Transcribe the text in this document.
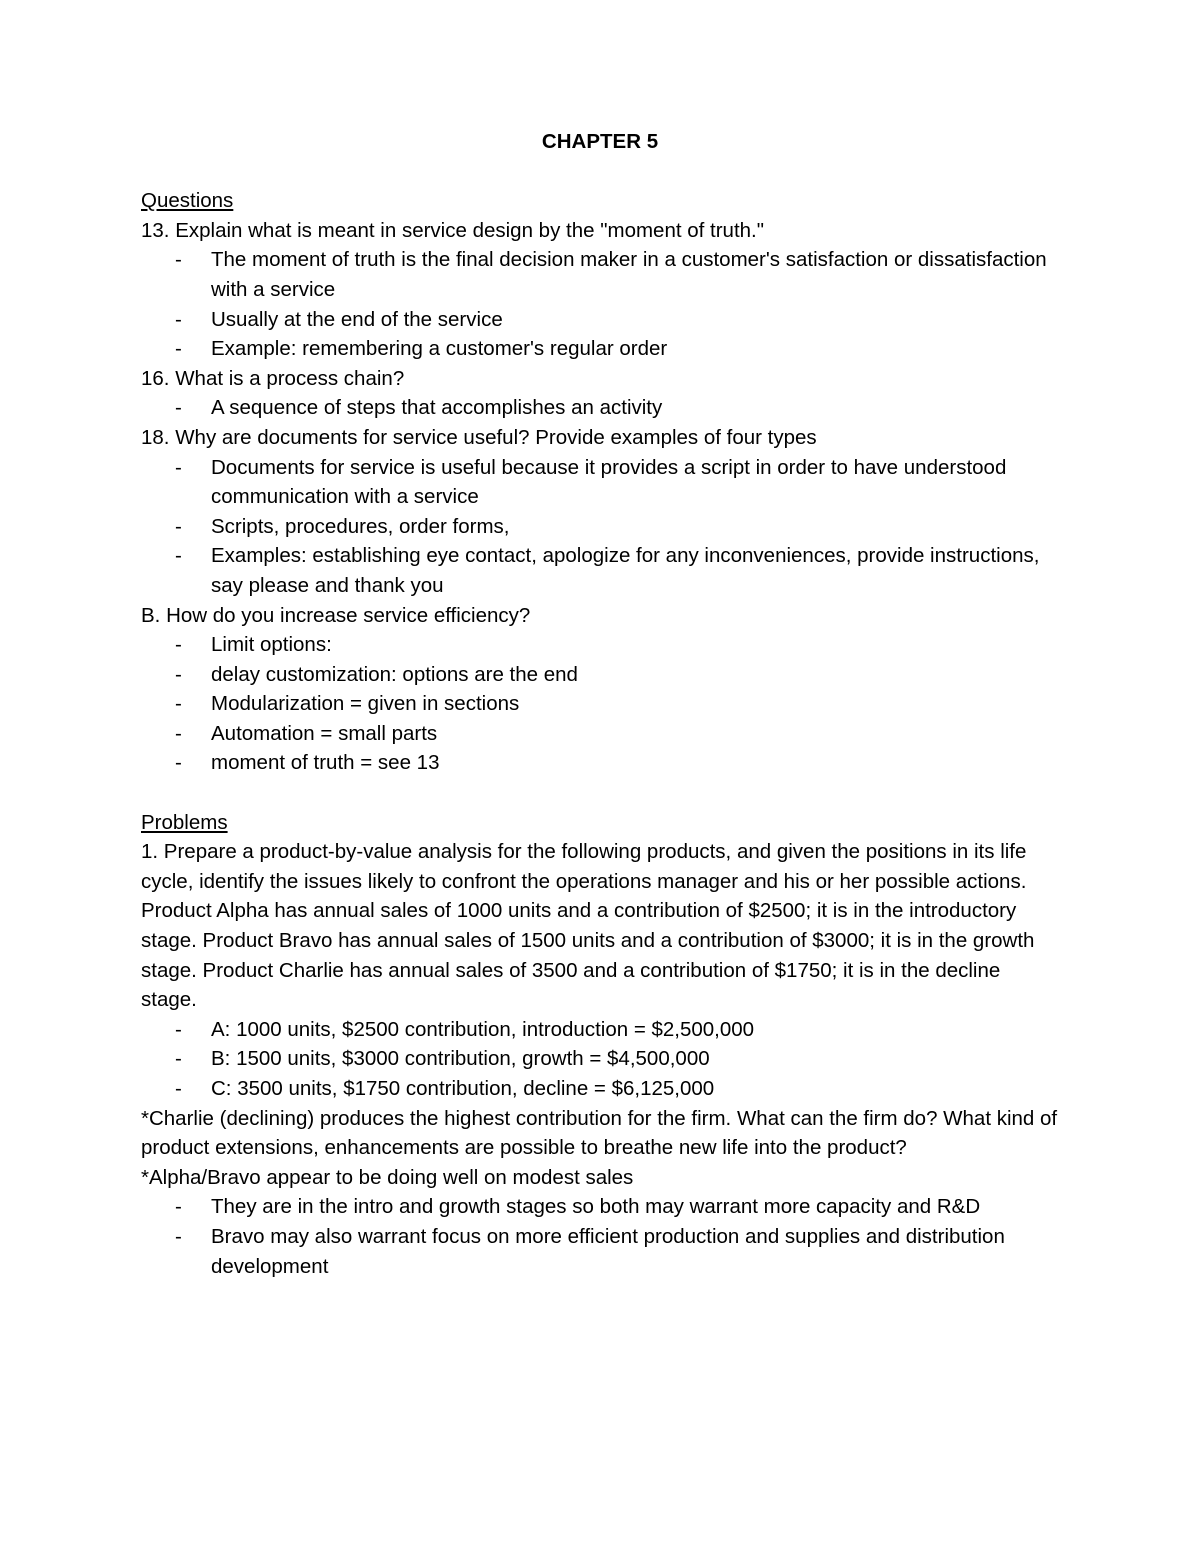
CHAPTER 5
Questions
13. Explain what is meant in service design by the "moment of truth."
- The moment of truth is the final decision maker in a customer's satisfaction or dissatisfaction with a service
- Usually at the end of the service
- Example: remembering a customer's regular order
16. What is a process chain?
- A sequence of steps that accomplishes an activity
18. Why are documents for service useful? Provide examples of four types
- Documents for service is useful because it provides a script in order to have understood communication with a service
- Scripts, procedures, order forms,
- Examples: establishing eye contact, apologize for any inconveniences, provide instructions, say please and thank you
B. How do you increase service efficiency?
- Limit options:
- delay customization: options are the end
- Modularization = given in sections
- Automation = small parts
- moment of truth = see 13
Problems
1. Prepare a product-by-value analysis for the following products, and given the positions in its life cycle, identify the issues likely to confront the operations manager and his or her possible actions. Product Alpha has annual sales of 1000 units and a contribution of $2500; it is in the introductory stage. Product Bravo has annual sales of 1500 units and a contribution of $3000; it is in the growth stage. Product Charlie has annual sales of 3500 and a contribution of $1750; it is in the decline stage.
- A: 1000 units, $2500 contribution, introduction = $2,500,000
- B: 1500 units, $3000 contribution, growth = $4,500,000
- C: 3500 units, $1750 contribution, decline = $6,125,000
*Charlie (declining) produces the highest contribution for the firm. What can the firm do? What kind of product extensions, enhancements are possible to breathe new life into the product?
*Alpha/Bravo appear to be doing well on modest sales
- They are in the intro and growth stages so both may warrant more capacity and R&D
- Bravo may also warrant focus on more efficient production and supplies and distribution development
